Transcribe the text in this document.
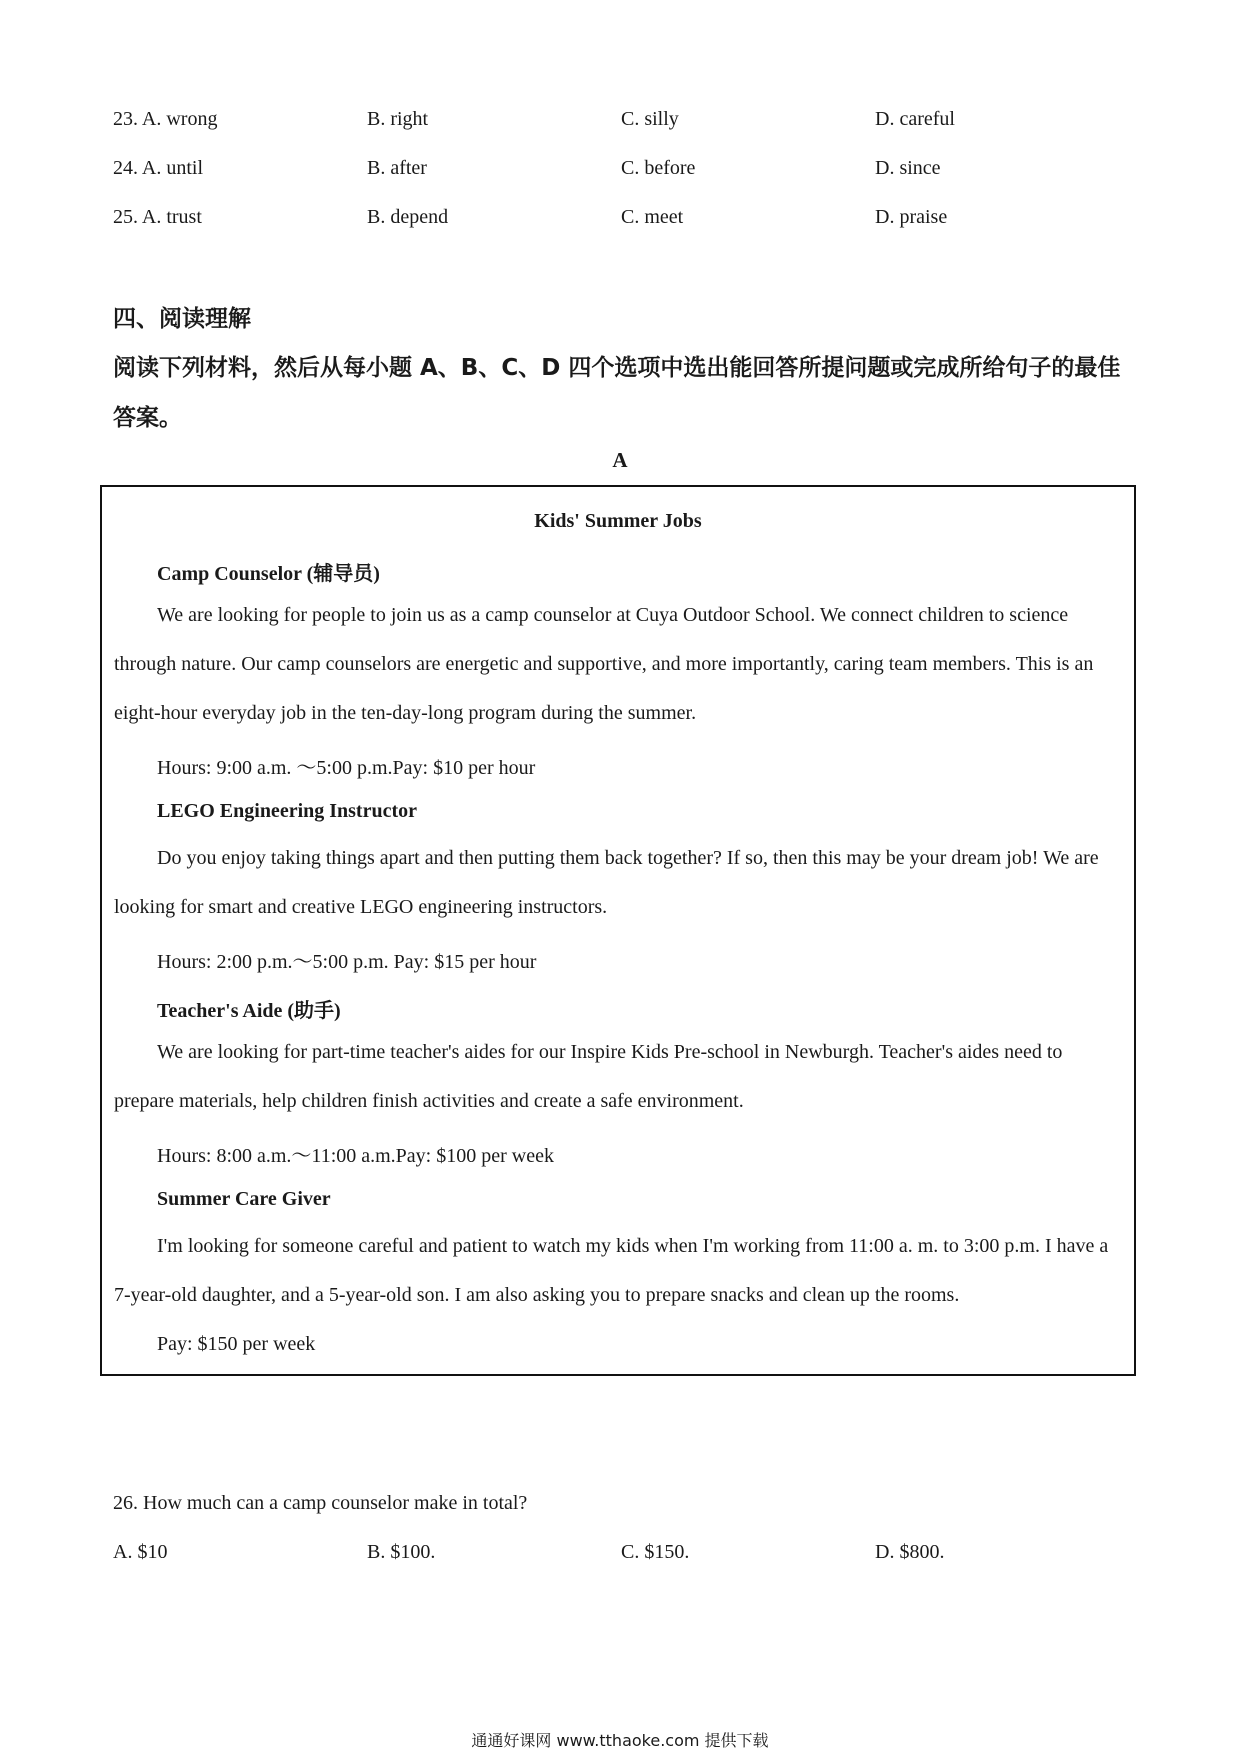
23. A. wrong	B. right	C. silly	D. careful
24. A. until	B. after	C. before	D. since
25. A. trust	B. depend	C. meet	D. praise
四、阅读理解
阅读下列材料，然后从每小题 A、B、C、D 四个选项中选出能回答所提问题或完成所给句子的最佳答案。
A
Kids' Summer Jobs
Camp Counselor (辅导员)
We are looking for people to join us as a camp counselor at Cuya Outdoor School. We connect children to science through nature. Our camp counselors are energetic and supportive, and more importantly, caring team members. This is an eight-hour everyday job in the ten-day-long program during the summer.
Hours: 9:00 a.m. ～5:00 p.m.Pay: $10 per hour
LEGO Engineering Instructor
Do you enjoy taking things apart and then putting them back together? If so, then this may be your dream job! We are looking for smart and creative LEGO engineering instructors.
Hours: 2:00 p.m.～5:00 p.m. Pay: $15 per hour
Teacher's Aide (助手)
We are looking for part-time teacher's aides for our Inspire Kids Pre-school in Newburgh. Teacher's aides need to prepare materials, help children finish activities and create a safe environment.
Hours: 8:00 a.m.～11:00 a.m.Pay: $100 per week
Summer Care Giver
I'm looking for someone careful and patient to watch my kids when I'm working from 11:00 a. m. to 3:00 p.m. I have a 7-year-old daughter, and a 5-year-old son. I am also asking you to prepare snacks and clean up the rooms.
Pay: $150 per week
26. How much can a camp counselor make in total?
A. $10	B. $100.	C. $150.	D. $800.
通通好课网 www.tthaoke.com 提供下载
